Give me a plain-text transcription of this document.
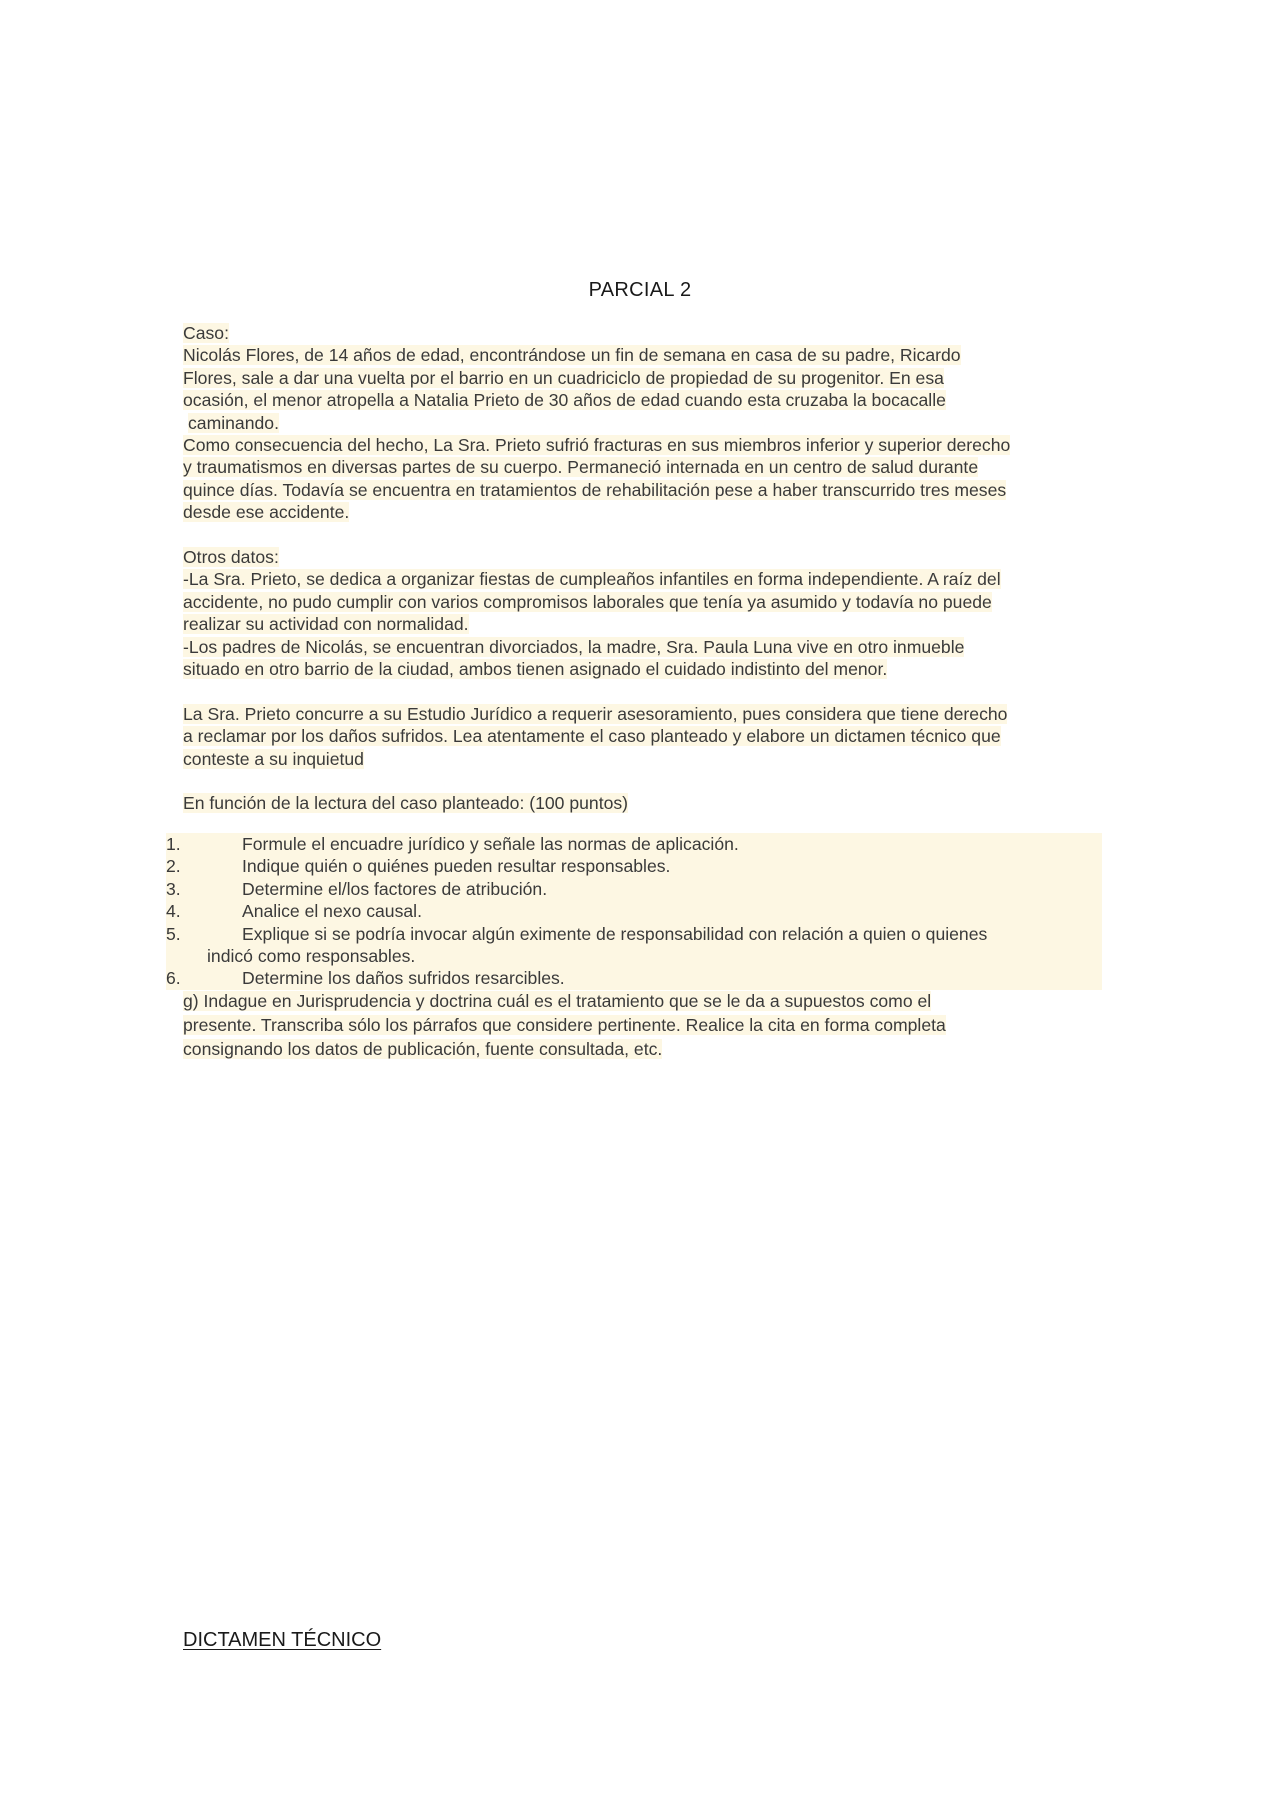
PARCIAL 2

Caso:

Nicolás Flores, de 14 años de edad, encontrándose un fin de semana en casa de su padre, Ricardo

Flores, sale a dar una vuelta por el barrio en un cuadriciclo de propiedad de su progenitor. En esa

ocasión, el menor atropella a Natalia Prieto de 30 años de edad cuando esta cruzaba la bocacalle

caminando.

Como consecuencia del hecho, La Sra. Prieto sufrió fracturas en sus miembros inferior y superior derecho

y traumatismos en diversas partes de su cuerpo. Permaneció internada en un centro de salud durante

quince días. Todavía se encuentra en tratamientos de rehabilitación pese a haber transcurrido tres meses

desde ese accidente.

Otros datos:

-La Sra. Prieto, se dedica a organizar fiestas de cumpleaños infantiles en forma independiente. A raíz del

accidente, no pudo cumplir con varios compromisos laborales que tenía ya asumido y todavía no puede

realizar su actividad con normalidad.

-Los padres de Nicolás, se encuentran divorciados, la madre, Sra. Paula Luna vive en otro inmueble

situado en otro barrio de la ciudad, ambos tienen asignado el cuidado indistinto del menor.

La Sra. Prieto concurre a su Estudio Jurídico a requerir asesoramiento, pues considera que tiene derecho

a reclamar por los daños sufridos. Lea atentamente el caso planteado y elabore un dictamen técnico que

conteste a su inquietud

En función de la lectura del caso planteado: (100 puntos)

1.	Formule el encuadre jurídico y señale las normas de aplicación.
2.	Indique quién o quiénes pueden resultar responsables.
3.	Determine el/los factores de atribución.
4.	Analice el nexo causal.
5.	Explique si se podría invocar algún eximente de responsabilidad con relación a quien o quienes

indicó como responsables.

6.	Determine los daños sufridos resarcibles.

g) Indague en Jurisprudencia y doctrina cuál es el tratamiento que se le da a supuestos como el

presente. Transcriba sólo los párrafos que considere pertinente. Realice la cita en forma completa

consignando los datos de publicación, fuente consultada, etc.

DICTAMEN TÉCNICO
